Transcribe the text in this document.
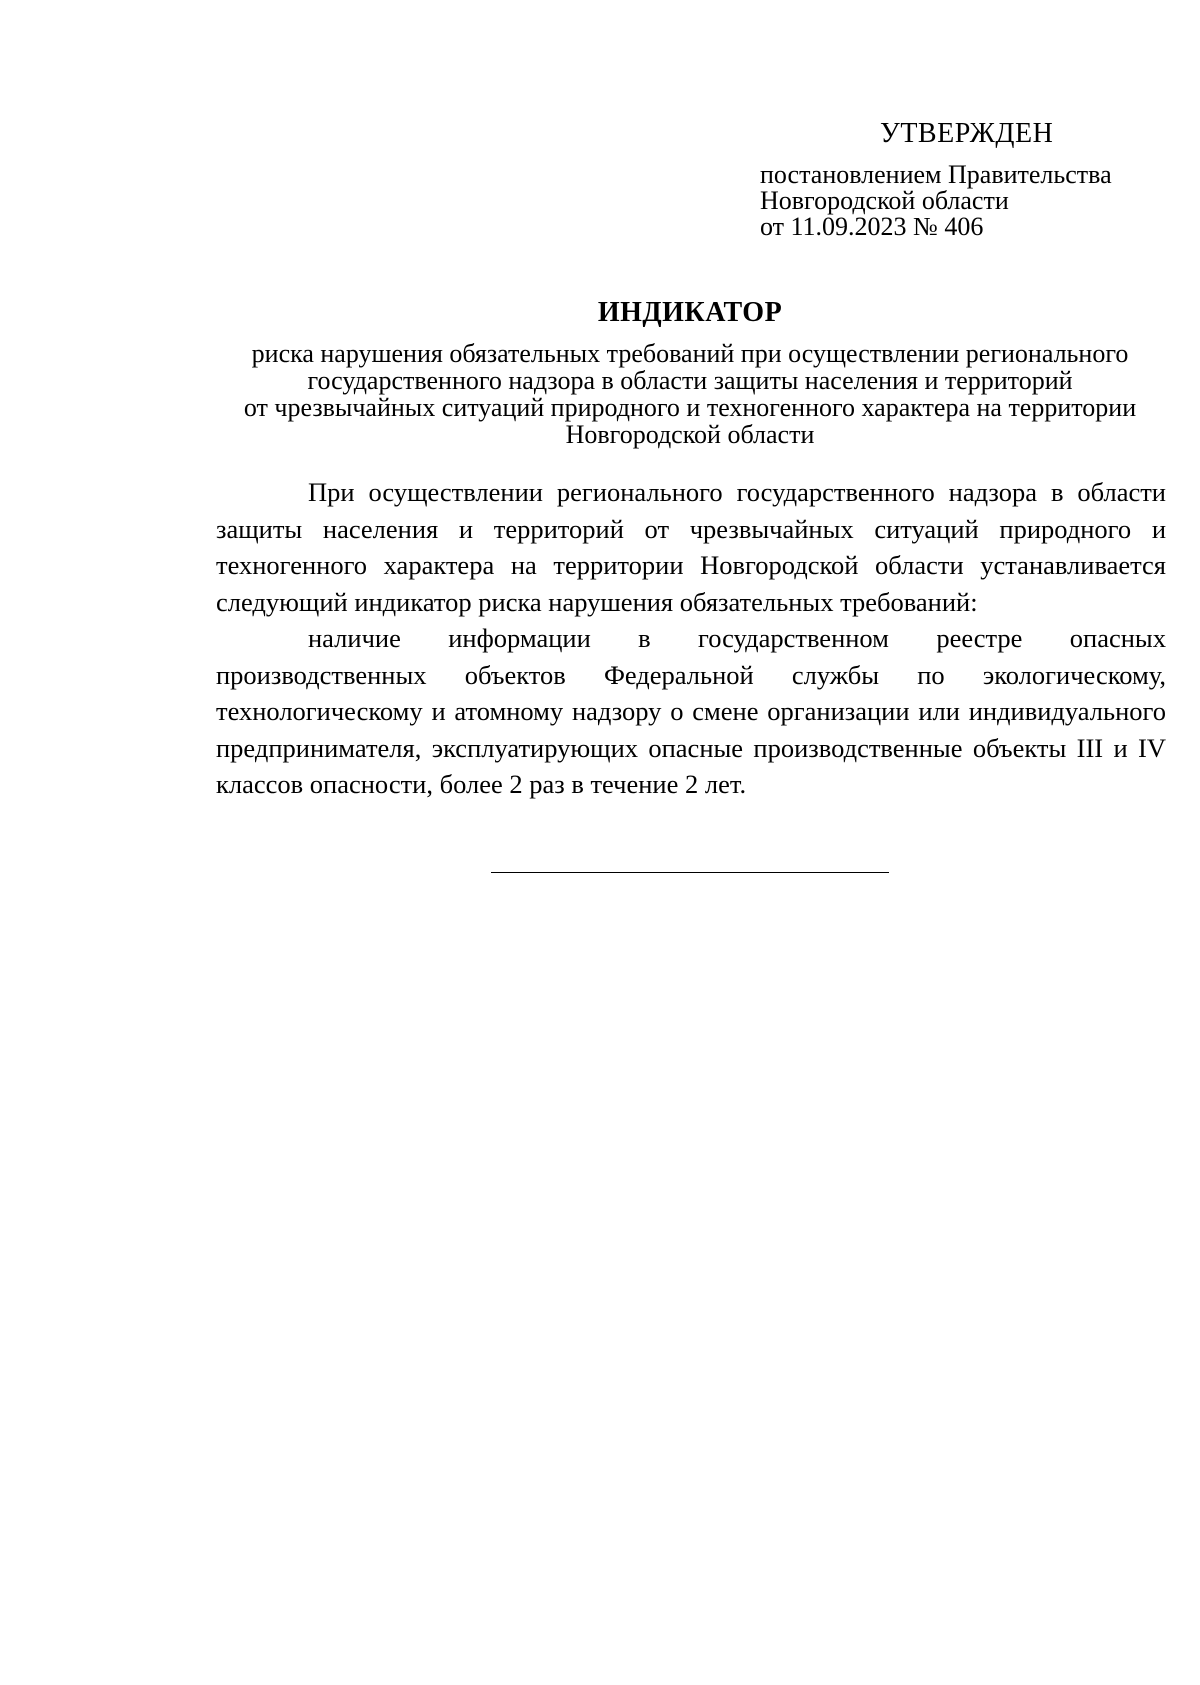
УТВЕРЖДЕН

постановлением Правительства

Новгородской области

от 11.09.2023 № 406

ИНДИКАТОР

риска нарушения обязательных требований при осуществлении регионального

государственного надзора в области защиты населения и территорий

от чрезвычайных ситуаций природного и техногенного характера на территории

Новгородской области

При осуществлении регионального государственного надзора в области защиты населения и территорий от чрезвычайных ситуаций природного и техногенного характера на территории Новгородской области устанавливается следующий индикатор риска нарушения обязательных требований:

наличие информации в государственном реестре опасных производственных объектов Федеральной службы по экологическому, технологическому и атомному надзору о смене организации или индивидуального предпринимателя, эксплуатирующих опасные производственные объекты III и IV классов опасности, более 2 раз в течение 2 лет.
